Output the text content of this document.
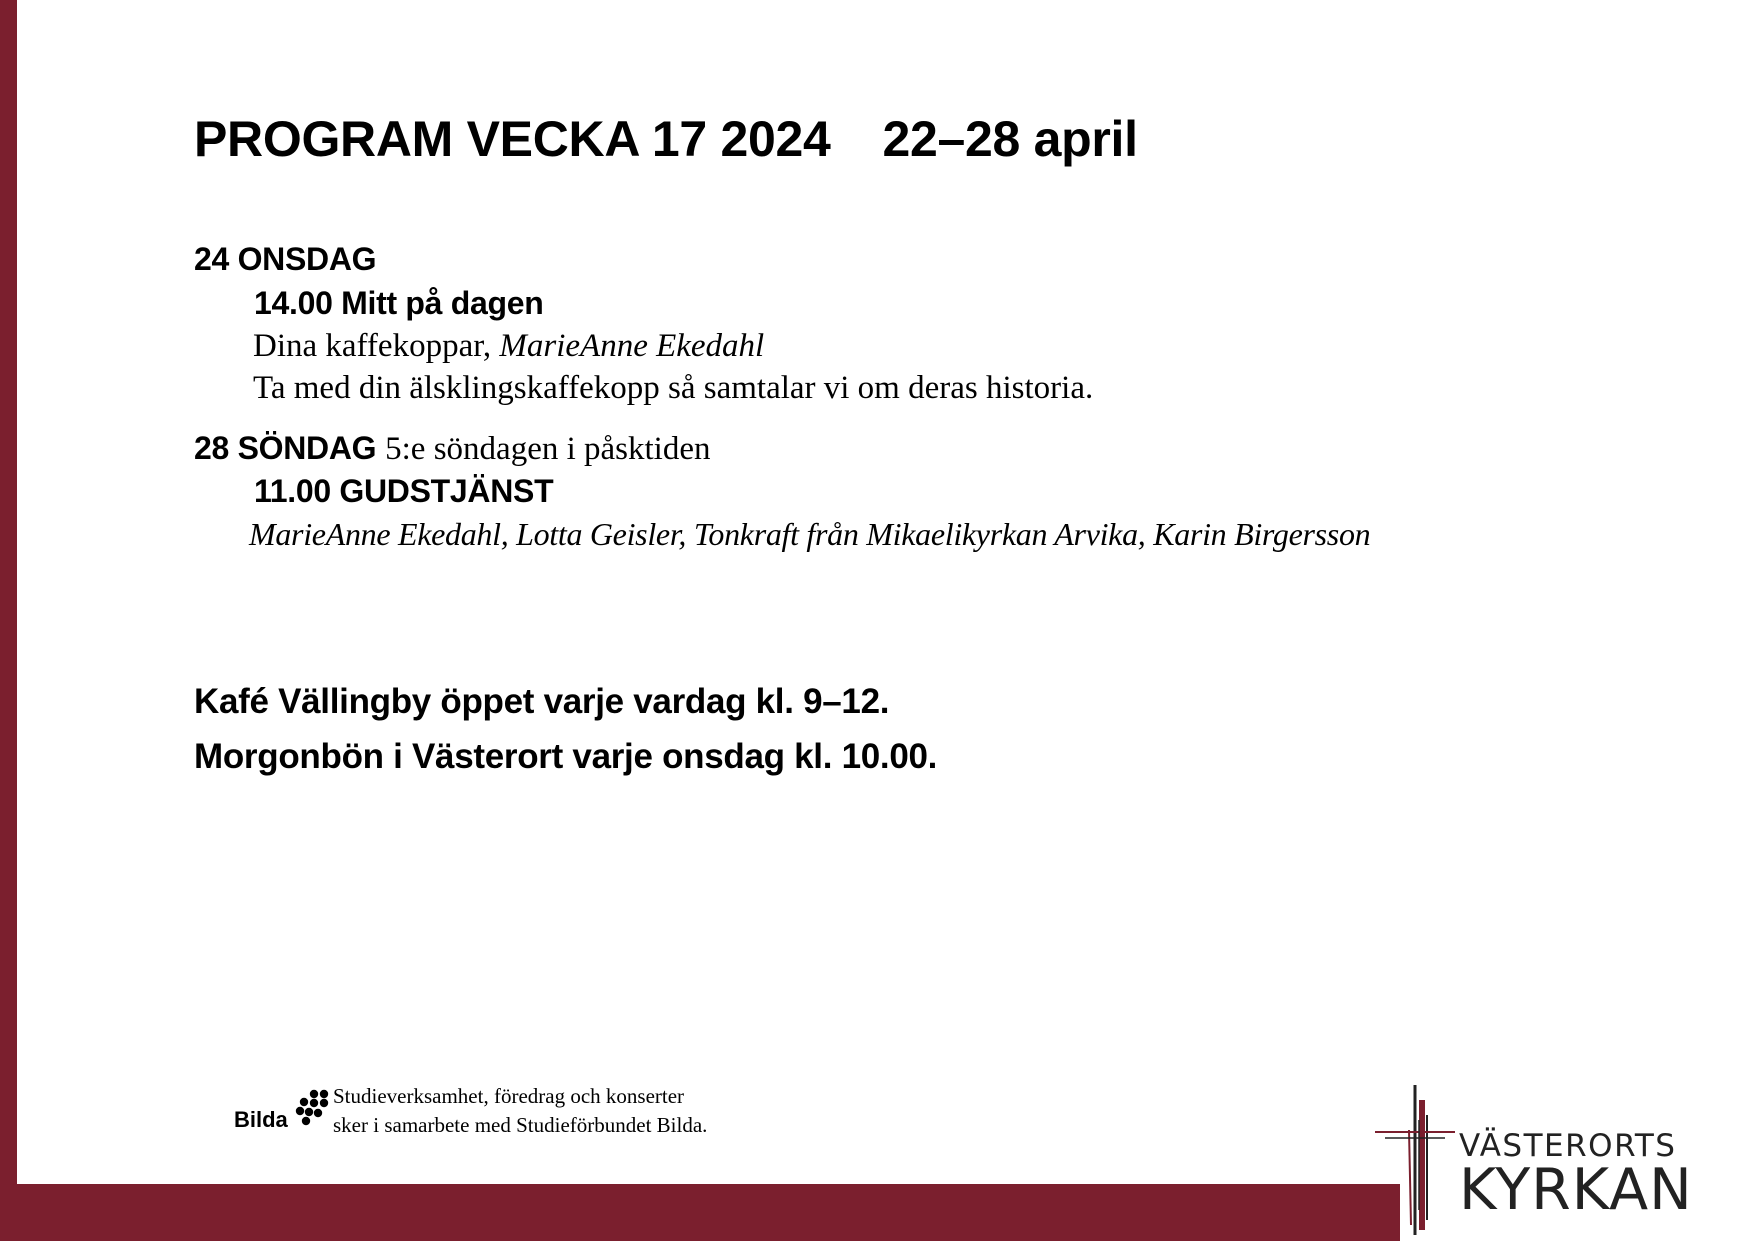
PROGRAM VECKA 17 2024 22–28 april
24 ONSDAG
14.00 Mitt på dagen
Dina kaffekoppar, MarieAnne Ekedahl
Ta med din älsklingskaffekopp så samtalar vi om deras historia.
28 SÖNDAG 5:e söndagen i påsktiden
11.00 GUDSTJÄNST
MarieAnne Ekedahl, Lotta Geisler, Tonkraft från Mikaelikyrkan Arvika, Karin Birgersson
Kafé Vällingby öppet varje vardag kl. 9–12.
Morgonbön i Västerort varje onsdag kl. 10.00.
Bilda
Studieverksamhet, föredrag och konserter
sker i samarbete med Studieförbundet Bilda.
VÄSTERORTS
KYRKAN
